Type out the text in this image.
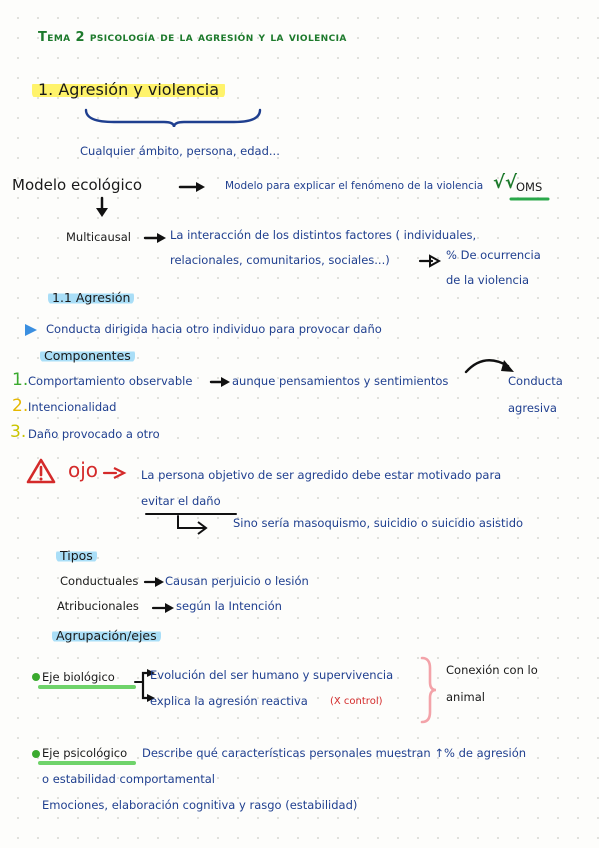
Tema 2 psicología de la agresión y la violencia
1. Agresión y violencia
Cualquier ámbito, persona, edad...
Modelo ecológico	Modelo para explicar el fenómeno de la violencia √√
OMS
Multicausal	La interacción de los distintos factores ( individuales,
relacionales, comunitarios, sociales...)	% De ocurrencia
de la violencia
1.1 Agresión
Conducta dirigida hacia otro individuo para provocar daño
Componentes
1. Comportamiento observable	aunque pensamientos y sentimientos
2. Intencionalidad
3. Daño provocado a otro
Conducta
agresiva
ojo	La persona objetivo de ser agredido debe estar motivado para
evitar el daño
Sino sería masoquismo, suicidio o suicidio asistido
Tipos
Conductuales Causan perjuicio o lesión
Atribucionales	según la Intención
Agrupación/ejes
Eje biológico	Evolución del ser humano y supervivencia
explica la agresión reactiva (X control)
Conexión con lo
animal
Eje psicológico Describe qué características personales muestran ↑% de agresión
o estabilidad comportamental
Emociones, elaboración cognitiva y rasgo (estabilidad)
